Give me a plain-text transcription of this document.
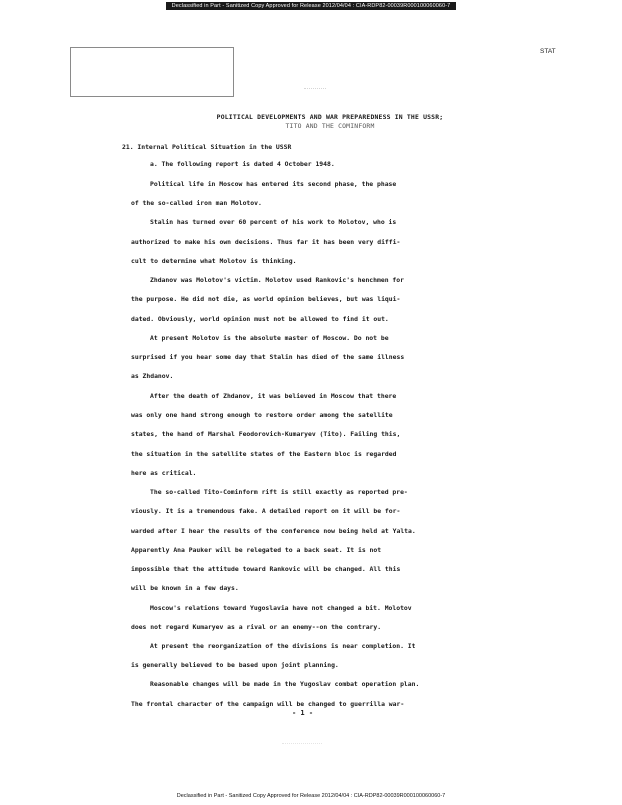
Declassified in Part - Sanitized Copy Approved for Release 2012/04/04 : CIA-RDP82-00039R000100060060-7
STAT
POLITICAL DEVELOPMENTS AND WAR PREPAREDNESS IN THE USSR;
TITO AND THE COMINFORM
21. Internal Political Situation in the USSR
a. The following report is dated 4 October 1948.
Political life in Moscow has entered its second phase, the phase
of the so-called iron man Molotov.
Stalin has turned over 60 percent of his work to Molotov, who is
authorized to make his own decisions. Thus far it has been very diffi-
cult to determine what Molotov is thinking.
Zhdanov was Molotov's victim. Molotov used Rankovic's henchmen for
the purpose. He did not die, as world opinion believes, but was liqui-
dated. Obviously, world opinion must not be allowed to find it out.
At present Molotov is the absolute master of Moscow. Do not be
surprised if you hear some day that Stalin has died of the same illness
as Zhdanov.
After the death of Zhdanov, it was believed in Moscow that there
was only one hand strong enough to restore order among the satellite
states, the hand of Marshal Feodorovich-Kumaryev (Tito). Failing this,
the situation in the satellite states of the Eastern bloc is regarded
here as critical.
The so-called Tito-Cominform rift is still exactly as reported pre-
viously. It is a tremendous fake. A detailed report on it will be for-
warded after I hear the results of the conference now being held at Yalta.
Apparently Ana Pauker will be relegated to a back seat. It is not
impossible that the attitude toward Rankovic will be changed. All this
will be known in a few days.
Moscow's relations toward Yugoslavia have not changed a bit. Molotov
does not regard Kumaryev as a rival or an enemy--on the contrary.
At present the reorganization of the divisions is near completion. It
is generally believed to be based upon joint planning.
Reasonable changes will be made in the Yugoslav combat operation plan.
The frontal character of the campaign will be changed to guerrilla war-
- 1 -
Declassified in Part - Sanitized Copy Approved for Release 2012/04/04 : CIA-RDP82-00039R000100060060-7
